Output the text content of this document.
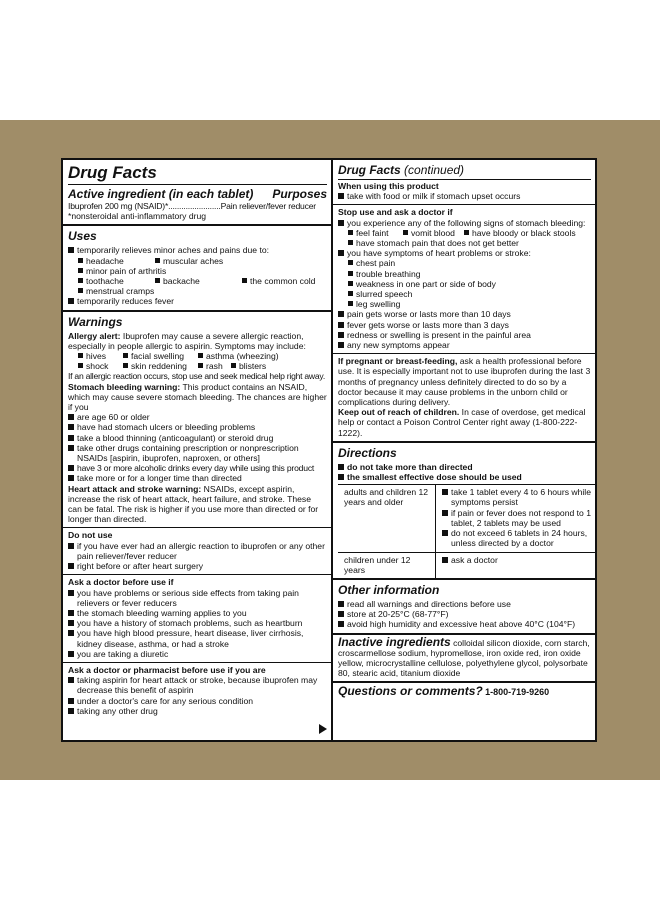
Drug Facts
Active ingredient (in each tablet) Purposes
Ibuprofen 200 mg (NSAID)*........................Pain reliever/fever reducer
*nonsteroidal anti-inflammatory drug
Uses
temporarily relieves minor aches and pains due to:
headache	muscular aches
minor pain of arthritis
toothache	backache	the common cold
menstrual cramps
temporarily reduces fever
Warnings
Allergy alert: Ibuprofen may cause a severe allergic reaction, especially in people allergic to aspirin. Symptoms may include:
hives	facial swelling	asthma (wheezing)
shock	skin reddening	rash	blisters
If an allergic reaction occurs, stop use and seek medical help right away.
Stomach bleeding warning: This product contains an NSAID, which may cause severe stomach bleeding. The chances are higher if you
are age 60 or older
have had stomach ulcers or bleeding problems
take a blood thinning (anticoagulant) or steroid drug
take other drugs containing prescription or nonprescription NSAIDs [aspirin, ibuprofen, naproxen, or others]
have 3 or more alcoholic drinks every day while using this product
take more or for a longer time than directed
Heart attack and stroke warning: NSAIDs, except aspirin, increase the risk of heart attack, heart failure, and stroke. These can be fatal. The risk is higher if you use more than directed or for longer than directed.
Do not use
if you have ever had an allergic reaction to ibuprofen or any other pain reliever/fever reducer
right before or after heart surgery
Ask a doctor before use if
you have problems or serious side effects from taking pain relievers or fever reducers
the stomach bleeding warning applies to you
you have a history of stomach problems, such as heartburn
you have high blood pressure, heart disease, liver cirrhosis, kidney disease, asthma, or had a stroke
you are taking a diuretic
Ask a doctor or pharmacist before use if you are
taking aspirin for heart attack or stroke, because ibuprofen may decrease this benefit of aspirin
under a doctor's care for any serious condition
taking any other drug
Drug Facts (continued)
When using this product
take with food or milk if stomach upset occurs
Stop use and ask a doctor if
you experience any of the following signs of stomach bleeding:
feel faint	vomit blood	have bloody or black stools
have stomach pain that does not get better
you have symptoms of heart problems or stroke:
chest pain
trouble breathing
weakness in one part or side of body
slurred speech
leg swelling
pain gets worse or lasts more than 10 days
fever gets worse or lasts more than 3 days
redness or swelling is present in the painful area
any new symptoms appear
If pregnant or breast-feeding, ask a health professional before use. It is especially important not to use ibuprofen during the last 3 months of pregnancy unless definitely directed to do so by a doctor because it may cause problems in the unborn child or complications during delivery.
Keep out of reach of children. In case of overdose, get medical help or contact a Poison Control Center right away (1-800-222-1222).
Directions
do not take more than directed
the smallest effective dose should be used
adults and children 12 years and older	take 1 tablet every 4 to 6 hours while symptoms persist
if pain or fever does not respond to 1 tablet, 2 tablets may be used
do not exceed 6 tablets in 24 hours, unless directed by a doctor

children under 12 years	ask a doctor
Other information
read all warnings and directions before use
store at 20-25°C (68-77°F)
avoid high humidity and excessive heat above 40°C (104°F)
Inactive ingredients colloidal silicon dioxide, corn starch, croscarmellose sodium, hypromellose, iron oxide red, iron oxide yellow, microcrystalline cellulose, polyethylene glycol, polysorbate 80, stearic acid, titanium dioxide
Questions or comments? 1-800-719-9260
